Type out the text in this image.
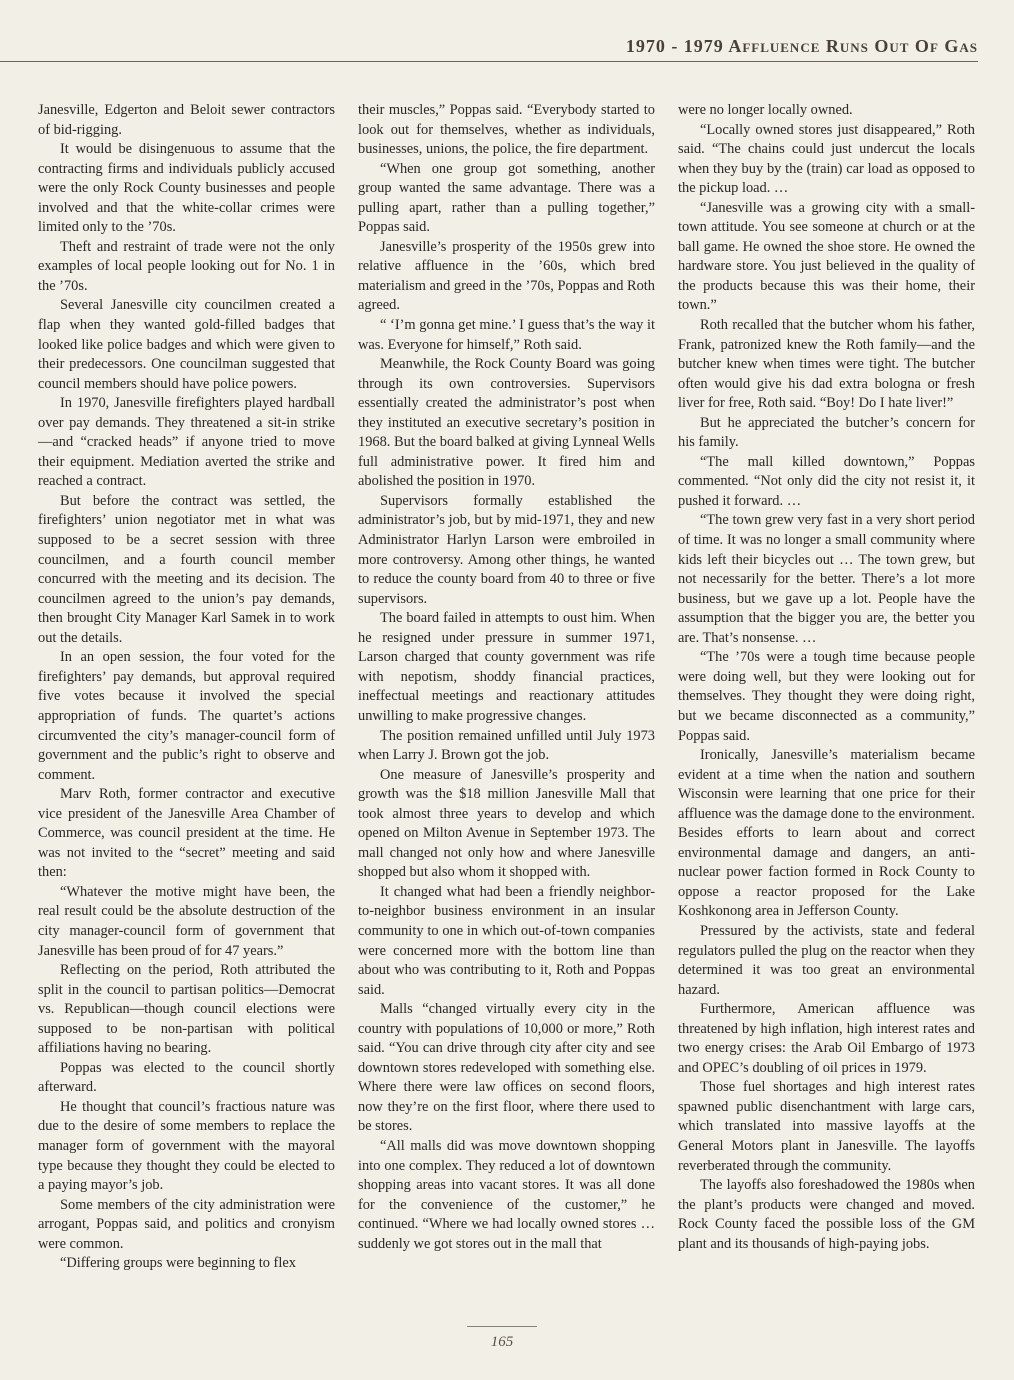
1970 - 1979 Affluence Runs Out Of Gas

Janesville, Edgerton and Beloit sewer contractors of bid-rigging.

It would be disingenuous to assume that the contracting firms and individuals publicly accused were the only Rock County businesses and people involved and that the white-collar crimes were limited only to the ’70s.

Theft and restraint of trade were not the only examples of local people looking out for No. 1 in the ’70s.

Several Janesville city councilmen created a flap when they wanted gold-filled badges that looked like police badges and which were given to their predecessors. One councilman suggested that council members should have police powers.

In 1970, Janesville firefighters played hardball over pay demands. They threatened a sit-in strike—and “cracked heads” if anyone tried to move their equipment. Mediation averted the strike and reached a contract.

But before the contract was settled, the firefighters’ union negotiator met in what was supposed to be a secret session with three councilmen, and a fourth council member concurred with the meeting and its decision. The councilmen agreed to the union’s pay demands, then brought City Manager Karl Samek in to work out the details.

In an open session, the four voted for the firefighters’ pay demands, but approval required five votes because it involved the special appropriation of funds. The quartet’s actions circumvented the city’s manager-council form of government and the public’s right to observe and comment.

Marv Roth, former contractor and executive vice president of the Janesville Area Chamber of Commerce, was council president at the time. He was not invited to the “secret” meeting and said then:

“Whatever the motive might have been, the real result could be the absolute destruction of the city manager-council form of government that Janesville has been proud of for 47 years.”

Reflecting on the period, Roth attributed the split in the council to partisan politics—Democrat vs. Republican—though council elections were supposed to be non-partisan with political affiliations having no bearing.

Poppas was elected to the council shortly afterward.

He thought that council’s fractious nature was due to the desire of some members to replace the manager form of government with the mayoral type because they thought they could be elected to a paying mayor’s job.

Some members of the city administration were arrogant, Poppas said, and politics and cronyism were common.

“Differing groups were beginning to flex

their muscles,” Poppas said. “Everybody started to look out for themselves, whether as individuals, businesses, unions, the police, the fire department.

“When one group got something, another group wanted the same advantage. There was a pulling apart, rather than a pulling together,” Poppas said.

Janesville’s prosperity of the 1950s grew into relative affluence in the ’60s, which bred materialism and greed in the ’70s, Poppas and Roth agreed.

“ ‘I’m gonna get mine.’ I guess that’s the way it was. Everyone for himself,” Roth said.

Meanwhile, the Rock County Board was going through its own controversies. Supervisors essentially created the administrator’s post when they instituted an executive secretary’s position in 1968. But the board balked at giving Lynneal Wells full administrative power. It fired him and abolished the position in 1970.

Supervisors formally established the administrator’s job, but by mid-1971, they and new Administrator Harlyn Larson were embroiled in more controversy. Among other things, he wanted to reduce the county board from 40 to three or five supervisors.

The board failed in attempts to oust him. When he resigned under pressure in summer 1971, Larson charged that county government was rife with nepotism, shoddy financial practices, ineffectual meetings and reactionary attitudes unwilling to make progressive changes.

The position remained unfilled until July 1973 when Larry J. Brown got the job.

One measure of Janesville’s prosperity and growth was the $18 million Janesville Mall that took almost three years to develop and which opened on Milton Avenue in September 1973. The mall changed not only how and where Janesville shopped but also whom it shopped with.

It changed what had been a friendly neighbor-to-neighbor business environment in an insular community to one in which out-of-town companies were concerned more with the bottom line than about who was contributing to it, Roth and Poppas said.

Malls “changed virtually every city in the country with populations of 10,000 or more,” Roth said. “You can drive through city after city and see downtown stores redeveloped with something else. Where there were law offices on second floors, now they’re on the first floor, where there used to be stores.

“All malls did was move downtown shopping into one complex. They reduced a lot of downtown shopping areas into vacant stores. It was all done for the convenience of the customer,” he continued. “Where we had locally owned stores … suddenly we got stores out in the mall that

were no longer locally owned.

“Locally owned stores just disappeared,” Roth said. “The chains could just undercut the locals when they buy by the (train) car load as opposed to the pickup load. …

“Janesville was a growing city with a small-town attitude. You see someone at church or at the ball game. He owned the shoe store. He owned the hardware store. You just believed in the quality of the products because this was their home, their town.”

Roth recalled that the butcher whom his father, Frank, patronized knew the Roth family—and the butcher knew when times were tight. The butcher often would give his dad extra bologna or fresh liver for free, Roth said. “Boy! Do I hate liver!”

But he appreciated the butcher’s concern for his family.

“The mall killed downtown,” Poppas commented. “Not only did the city not resist it, it pushed it forward. …

“The town grew very fast in a very short period of time. It was no longer a small community where kids left their bicycles out … The town grew, but not necessarily for the better. There’s a lot more business, but we gave up a lot. People have the assumption that the bigger you are, the better you are. That’s nonsense. …

“The ’70s were a tough time because people were doing well, but they were looking out for themselves. They thought they were doing right, but we became disconnected as a community,” Poppas said.

Ironically, Janesville’s materialism became evident at a time when the nation and southern Wisconsin were learning that one price for their affluence was the damage done to the environment. Besides efforts to learn about and correct environmental damage and dangers, an anti-nuclear power faction formed in Rock County to oppose a reactor proposed for the Lake Koshkonong area in Jefferson County.

Pressured by the activists, state and federal regulators pulled the plug on the reactor when they determined it was too great an environmental hazard.

Furthermore, American affluence was threatened by high inflation, high interest rates and two energy crises: the Arab Oil Embargo of 1973 and OPEC’s doubling of oil prices in 1979.

Those fuel shortages and high interest rates spawned public disenchantment with large cars, which translated into massive layoffs at the General Motors plant in Janesville. The layoffs reverberated through the community.

The layoffs also foreshadowed the 1980s when the plant’s products were changed and moved. Rock County faced the possible loss of the GM plant and its thousands of high-paying jobs.

165
